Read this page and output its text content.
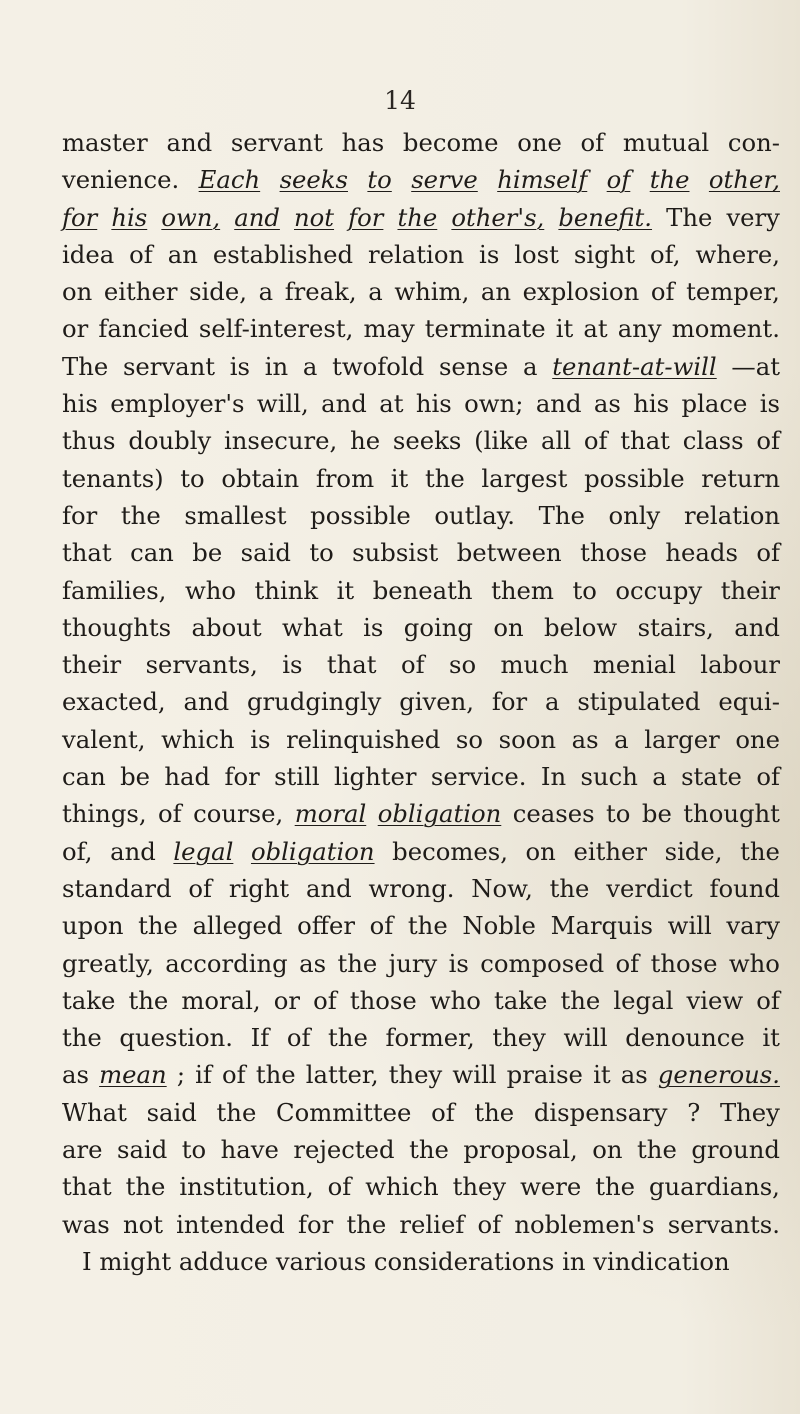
14
master and servant has become one of mutual con-
venience. Each seeks to serve himself of the other,
for his own, and not for the other's, benefit. The very
idea of an established relation is lost sight of, where,
on either side, a freak, a whim, an explosion of temper,
or fancied self-interest, may terminate it at any moment.
The servant is in a twofold sense a tenant-at-will —at
his employer's will, and at his own; and as his place is
thus doubly insecure, he seeks (like all of that class of
tenants) to obtain from it the largest possible return
for the smallest possible outlay. The only relation
that can be said to subsist between those heads of
families, who think it beneath them to occupy their
thoughts about what is going on below stairs, and
their servants, is that of so much menial labour
exacted, and grudgingly given, for a stipulated equi-
valent, which is relinquished so soon as a larger one
can be had for still lighter service. In such a state of
things, of course, moral obligation ceases to be thought
of, and legal obligation becomes, on either side, the
standard of right and wrong. Now, the verdict found
upon the alleged offer of the Noble Marquis will vary
greatly, according as the jury is composed of those who
take the moral, or of those who take the legal view of
the question. If of the former, they will denounce it
as mean ; if of the latter, they will praise it as generous.
What said the Committee of the dispensary ? They
are said to have rejected the proposal, on the ground
that the institution, of which they were the guardians,
was not intended for the relief of noblemen's servants.
I
might
adduce
various
considerations
in
vindication
